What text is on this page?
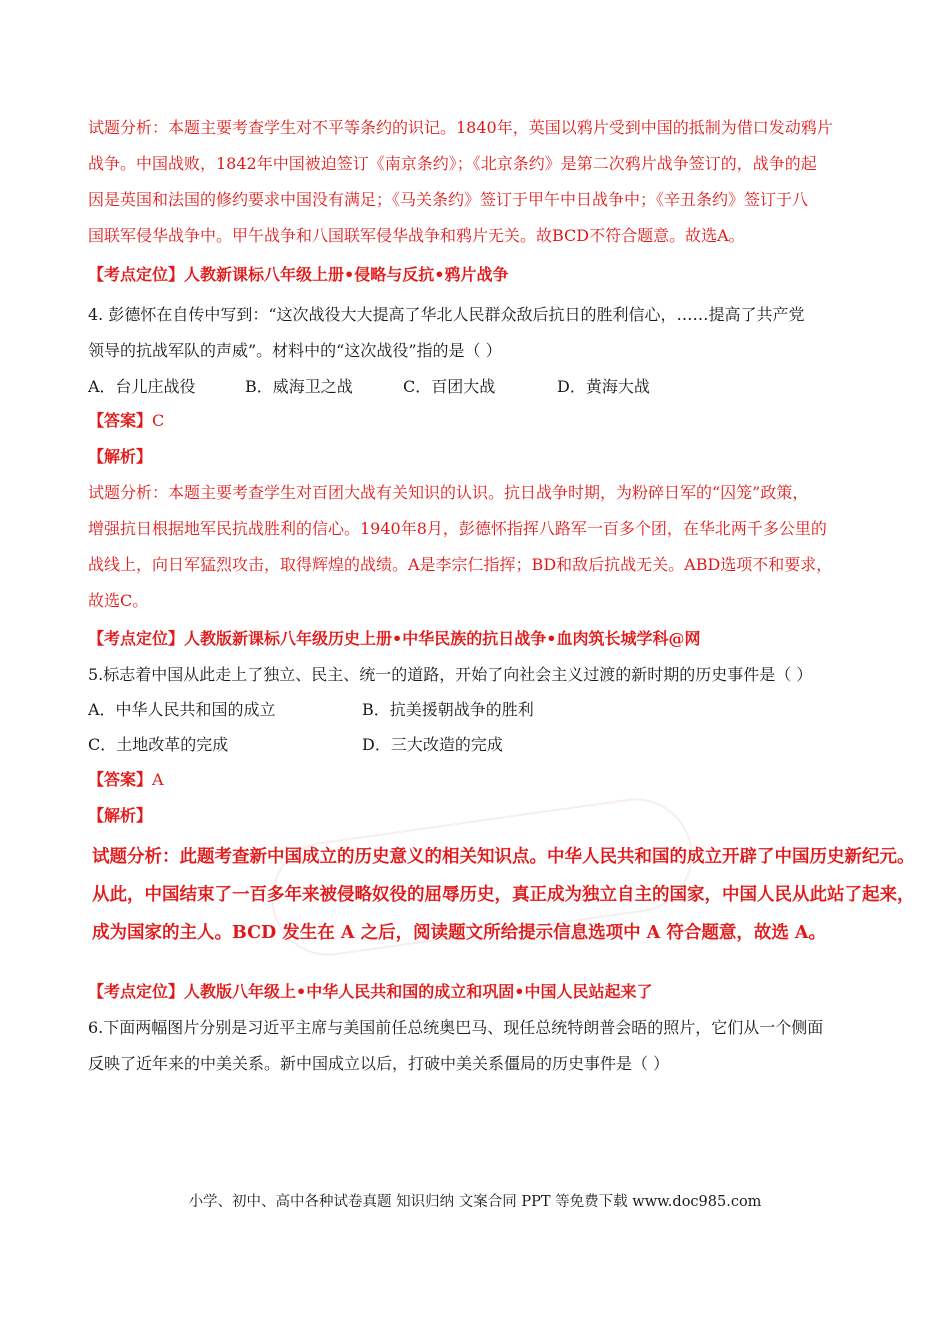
试题分析：本题主要考查学生对不平等条约的识记。1840年，英国以鸦片受到中国的抵制为借口发动鸦片
战争。中国战败，1842年中国被迫签订《南京条约》；《北京条约》是第二次鸦片战争签订的，战争的起
因是英国和法国的修约要求中国没有满足；《马关条约》签订于甲午中日战争中；《辛丑条约》签订于八
国联军侵华战争中。甲午战争和八国联军侵华战争和鸦片无关。故BCD不符合题意。故选A。
【考点定位】人教新课标八年级上册•侵略与反抗•鸦片战争
4. 彭德怀在自传中写到：“这次战役大大提高了华北人民群众敌后抗日的胜利信心，……提高了共产党
领导的抗战军队的声威”。材料中的“这次战役”指的是（ ）
A．台儿庄战役	B．威海卫之战	C．百团大战	D．黄海大战
【答案】C
【解析】
试题分析：本题主要考查学生对百团大战有关知识的认识。抗日战争时期，为粉碎日军的“囚笼”政策，
增强抗日根据地军民抗战胜利的信心。1940年8月，彭德怀指挥八路军一百多个团，在华北两千多公里的
战线上，向日军猛烈攻击，取得辉煌的战绩。A是李宗仁指挥；BD和敌后抗战无关。ABD选项不和要求，
故选C。
【考点定位】人教版新课标八年级历史上册•中华民族的抗日战争•血肉筑长城学科@网
5.标志着中国从此走上了独立、民主、统一的道路，开始了向社会主义过渡的新时期的历史事件是（ ）
A．中华人民共和国的成立	B．抗美援朝战争的胜利
C．土地改革的完成	D．三大改造的完成
【答案】A
【解析】
试题分析：此题考查新中国成立的历史意义的相关知识点。中华人民共和国的成立开辟了中国历史新纪元。
从此，中国结束了一百多年来被侵略奴役的屈辱历史，真正成为独立自主的国家，中国人民从此站了起来，
成为国家的主人。BCD 发生在 A 之后，阅读题文所给提示信息选项中 A 符合题意，故选 A。
【考点定位】人教版八年级上•中华人民共和国的成立和巩固•中国人民站起来了
6.下面两幅图片分别是习近平主席与美国前任总统奥巴马、现任总统特朗普会晤的照片，它们从一个侧面
反映了近年来的中美关系。新中国成立以后，打破中美关系僵局的历史事件是（ ）
小学、初中、高中各种试卷真题 知识归纳 文案合同 PPT 等免费下载 www.doc985.com
